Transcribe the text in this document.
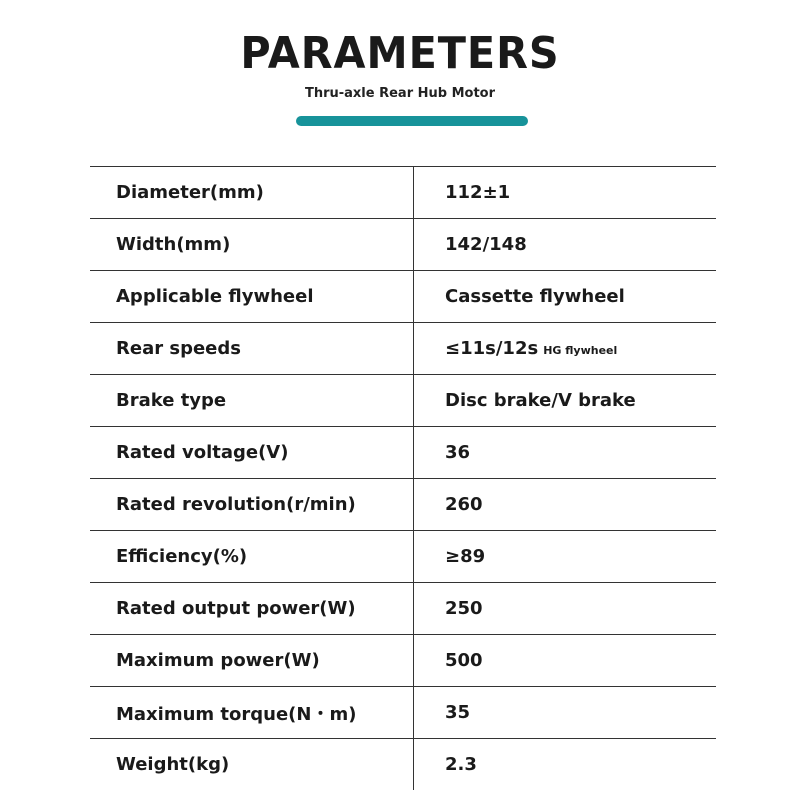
PARAMETERS
Thru-axle Rear Hub Motor
Diameter(mm)	112±1
Width(mm)	142/148
Applicable flywheel	Cassette flywheel
Rear speeds	≤11s/12s HG flywheel
Brake type	Disc brake/V brake
Rated voltage(V)	36
Rated revolution(r/min)	260
Efficiency(%)	≥89
Rated output power(W)	250
Maximum power(W)	500
Maximum torque(N・m)	35
Weight(kg)	2.3
